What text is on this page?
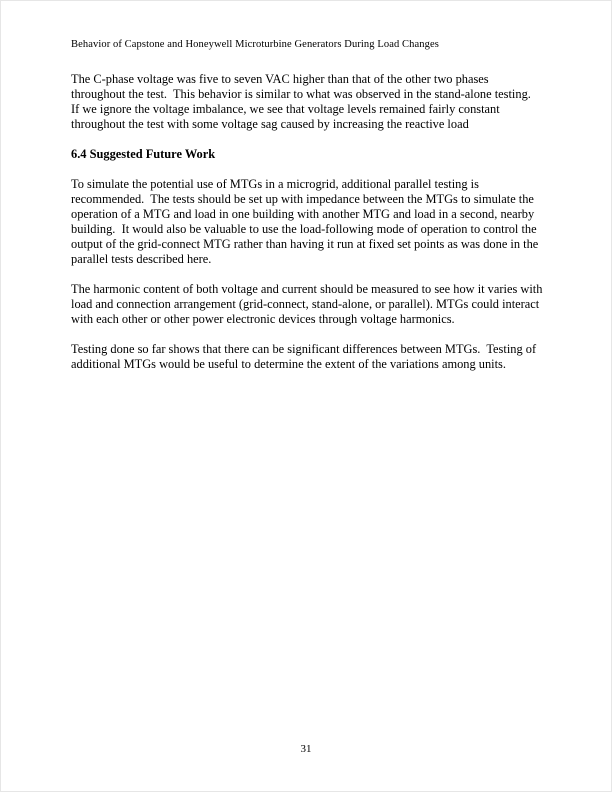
Behavior of Capstone and Honeywell Microturbine Generators During Load Changes

The C-phase voltage was five to seven VAC higher than that of the other two phases throughout the test.  This behavior is similar to what was observed in the stand-alone testing.  If we ignore the voltage imbalance, we see that voltage levels remained fairly constant throughout the test with some voltage sag caused by increasing the reactive load

6.4 Suggested Future Work

To simulate the potential use of MTGs in a microgrid, additional parallel testing is recommended.  The tests should be set up with impedance between the MTGs to simulate the operation of a MTG and load in one building with another MTG and load in a second, nearby building.  It would also be valuable to use the load-following mode of operation to control the output of the grid-connect MTG rather than having it run at fixed set points as was done in the parallel tests described here.

The harmonic content of both voltage and current should be measured to see how it varies with load and connection arrangement (grid-connect, stand-alone, or parallel). MTGs could interact with each other or other power electronic devices through voltage harmonics.

Testing done so far shows that there can be significant differences between MTGs.  Testing of additional MTGs would be useful to determine the extent of the variations among units.

31
